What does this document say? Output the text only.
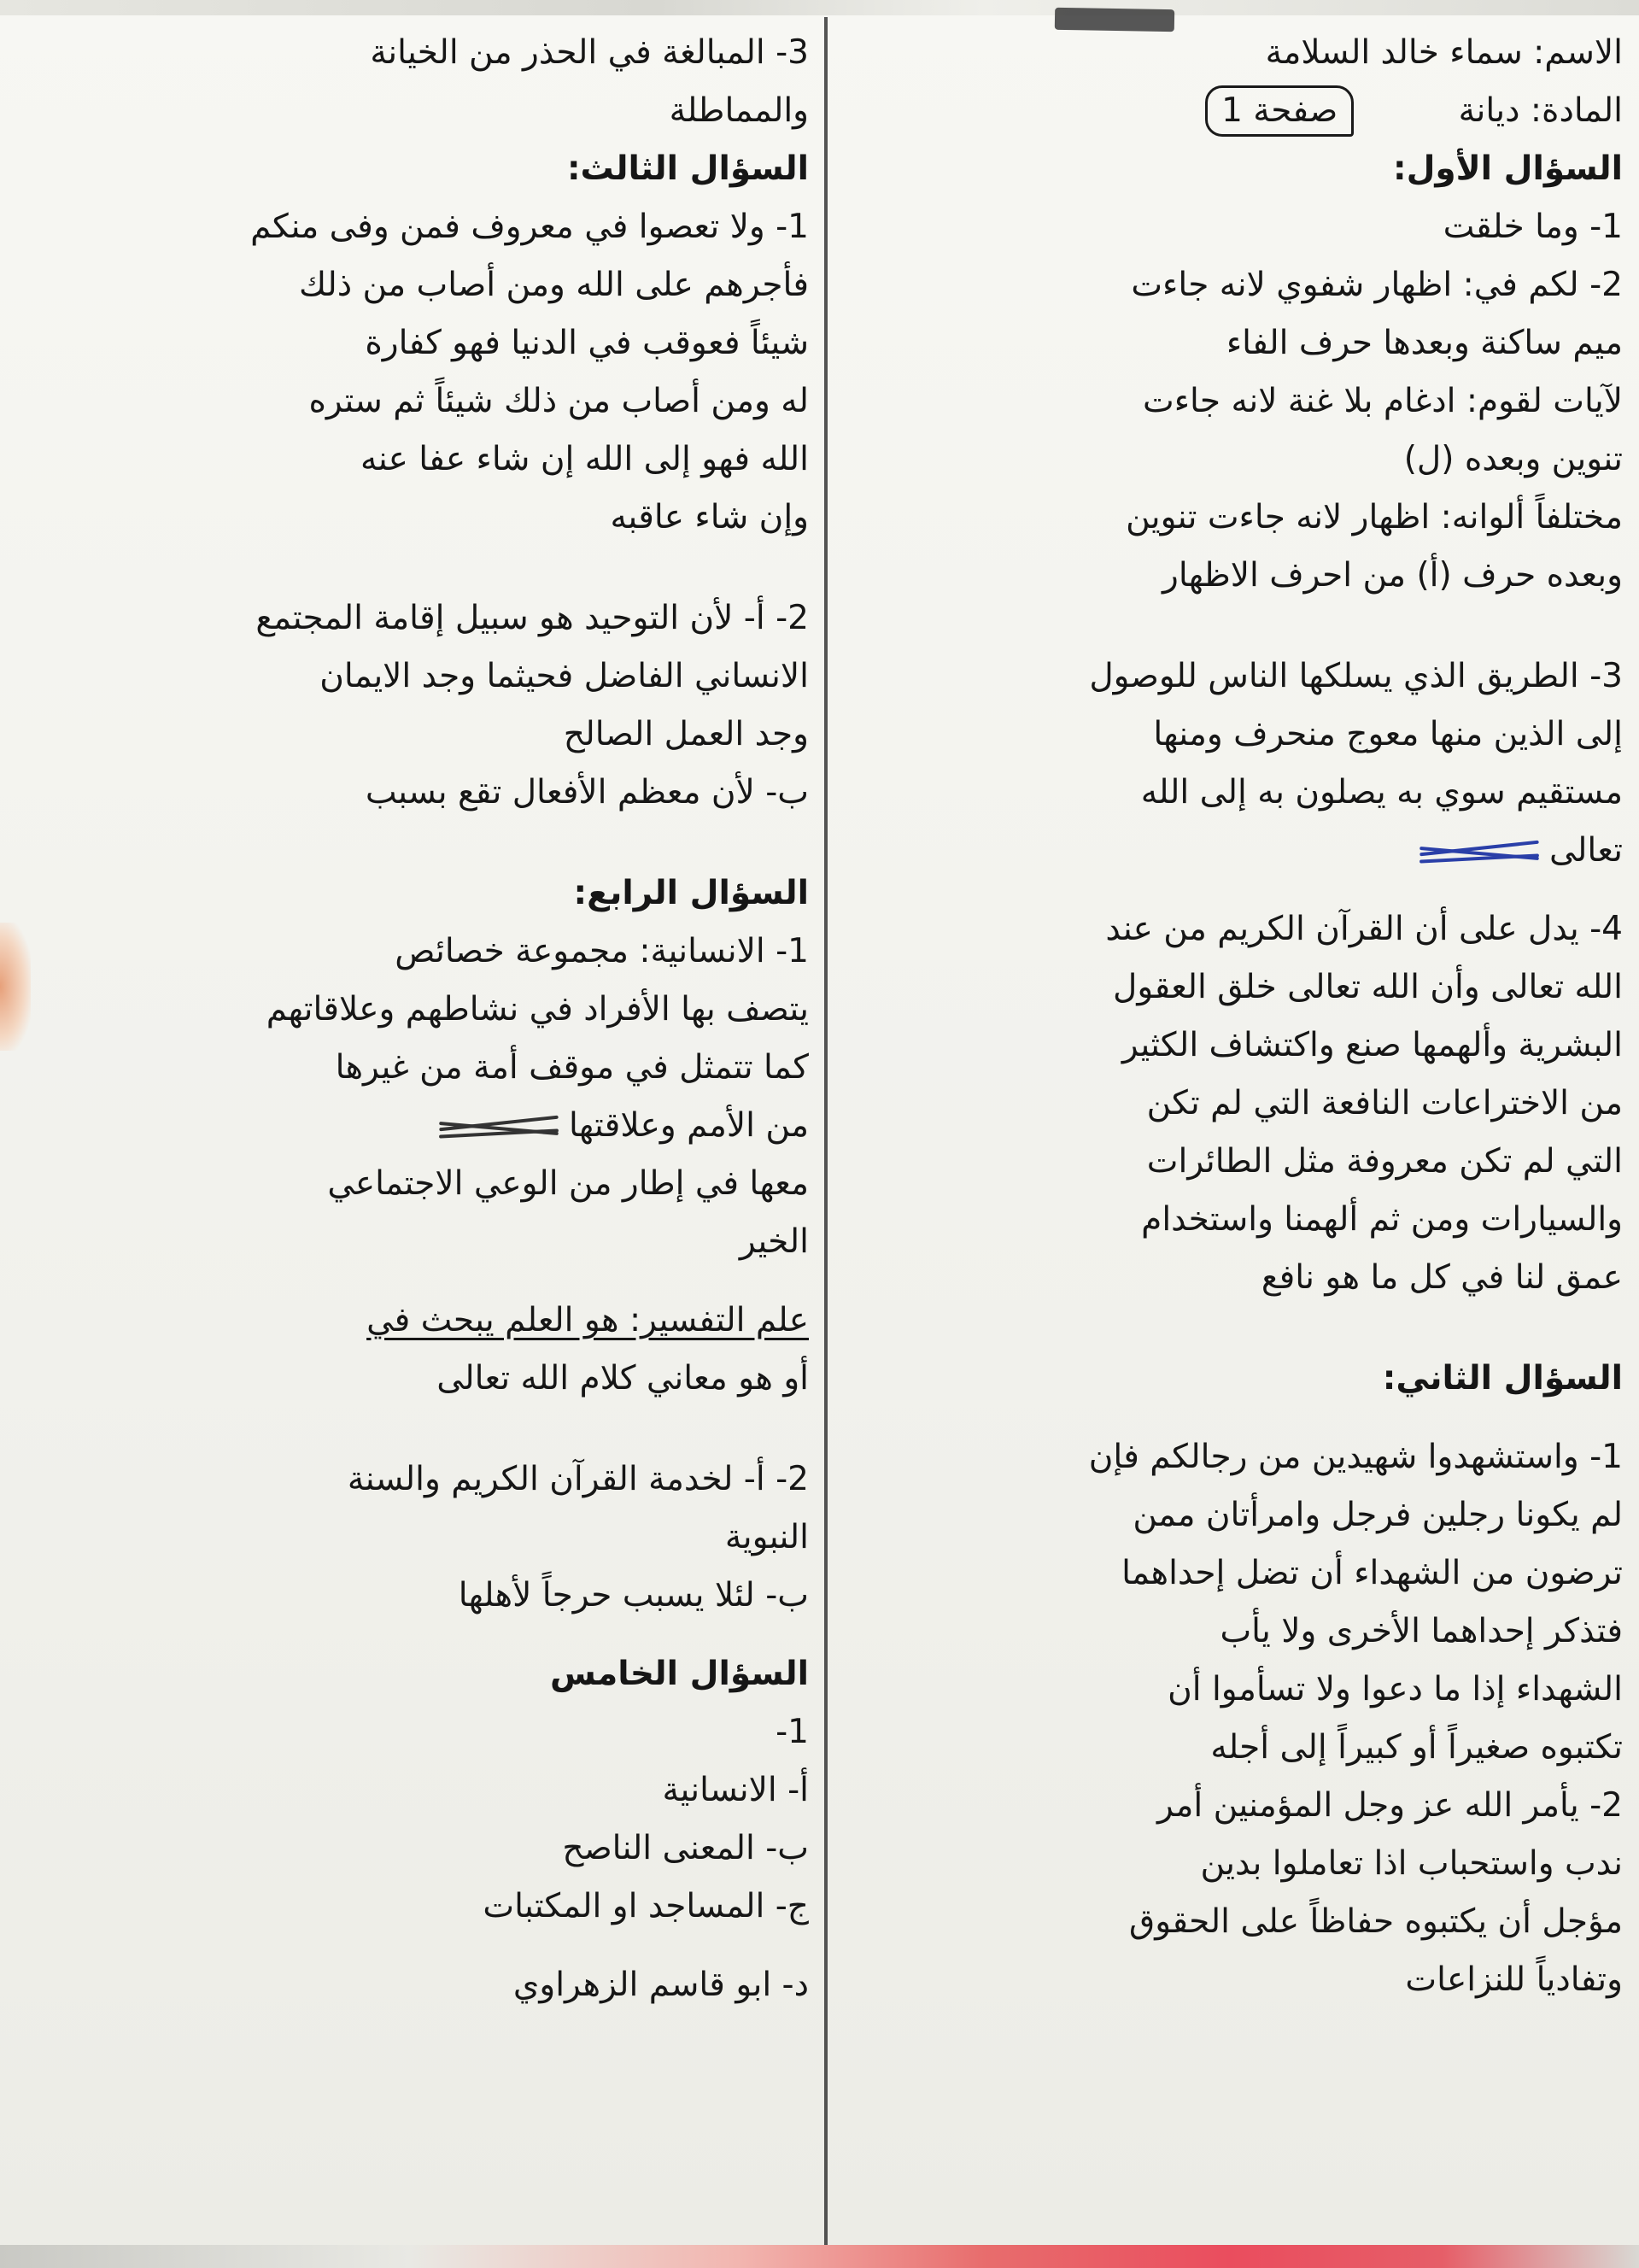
الاسم: سماء خالد السلامة
المادة: ديانة صفحة 1
السؤال الأول:
1- وما خلقت
2- لكم في: اظهار شفوي لانه جاءت
ميم ساكنة وبعدها حرف الفاء
لآيات لقوم: ادغام بلا غنة لانه جاءت
تنوين وبعده (ل)
مختلفاً ألوانه: اظهار لانه جاءت تنوين
وبعده حرف (أ) من احرف الاظهار
3- الطريق الذي يسلكها الناس للوصول
إلى الذين منها معوج منحرف ومنها
مستقيم سوي به يصلون به إلى الله
تعالى
4- يدل على أن القرآن الكريم من عند
الله تعالى وأن الله تعالى خلق العقول
البشرية وألهمها صنع واكتشاف الكثير
من الاختراعات النافعة التي لم تكن
التي لم تكن معروفة مثل الطائرات
والسيارات ومن ثم ألهمنا واستخدام
عمق لنا في كل ما هو نافع
السؤال الثاني:
1- واستشهدوا شهيدين من رجالكم فإن
لم يكونا رجلين فرجل وامرأتان ممن
ترضون من الشهداء أن تضل إحداهما
فتذكر إحداهما الأخرى ولا يأب
الشهداء إذا ما دعوا ولا تسأموا أن
تكتبوه صغيراً أو كبيراً إلى أجله
2- يأمر الله عز وجل المؤمنين أمر
ندب واستحباب اذا تعاملوا بدين
مؤجل أن يكتبوه حفاظاً على الحقوق
وتفادياً للنزاعات
3- المبالغة في الحذر من الخيانة
والمماطلة
السؤال الثالث:
1- ولا تعصوا في معروف فمن وفى منكم
فأجرهم على الله ومن أصاب من ذلك
شيئاً فعوقب في الدنيا فهو كفارة
له ومن أصاب من ذلك شيئاً ثم ستره
الله فهو إلى الله إن شاء عفا عنه
وإن شاء عاقبه
2- أ- لأن التوحيد هو سبيل إقامة المجتمع
الانساني الفاضل فحيثما وجد الايمان
وجد العمل الصالح
ب- لأن معظم الأفعال تقع بسبب
السؤال الرابع:
1- الانسانية: مجموعة خصائص
يتصف بها الأفراد في نشاطهم وعلاقاتهم
كما تتمثل في موقف أمة من غيرها
من الأمم وعلاقتها
معها في إطار من الوعي الاجتماعي
الخير
علم التفسير: هو العلم يبحث في
أو هو معاني كلام الله تعالى
2- أ- لخدمة القرآن الكريم والسنة
النبوية
ب- لئلا يسبب حرجاً لأهلها
السؤال الخامس
1-
أ- الانسانية
ب- المعنى الناصح
ج- المساجد او المكتبات
د- ابو قاسم الزهراوي
